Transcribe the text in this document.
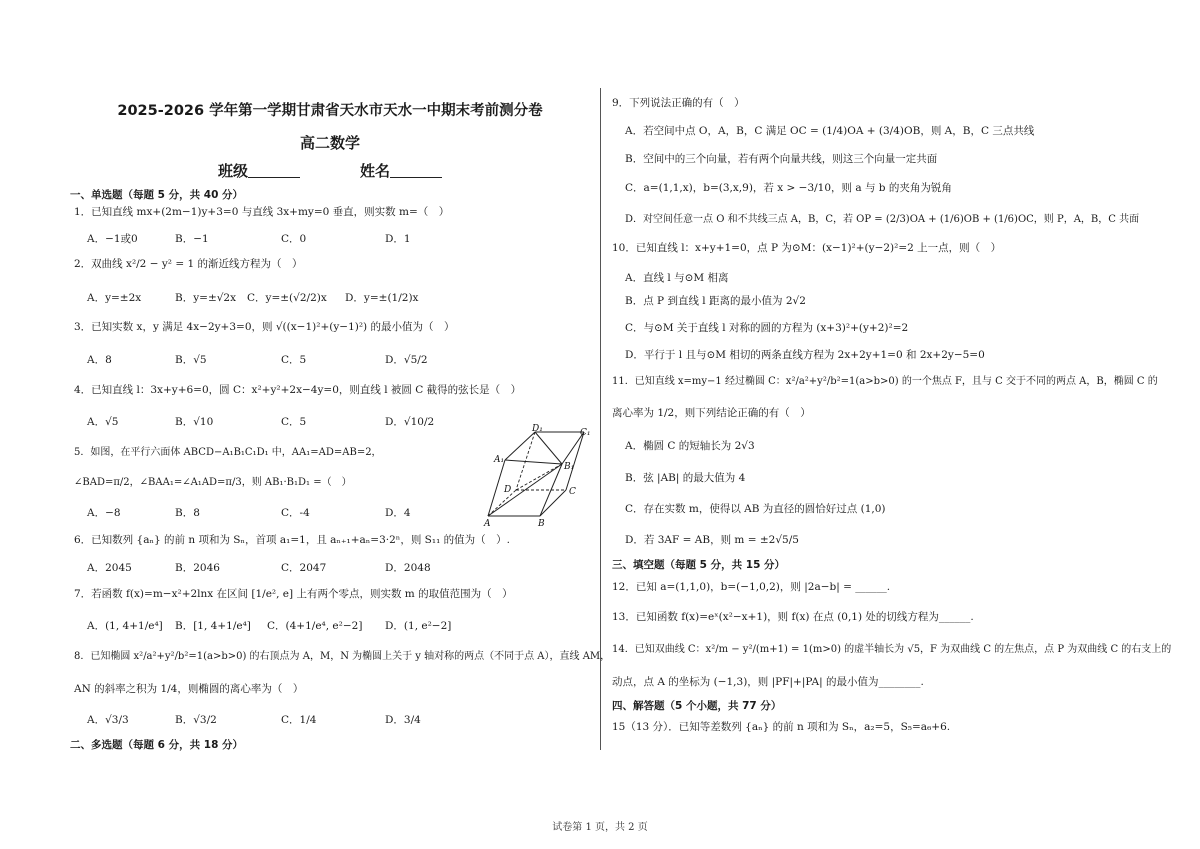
2025-2026 学年第一学期甘肃省天水市天水一中期末考前测分卷
高二数学
班级	姓名
一、单选题（每题 5 分，共 40 分）
1．已知直线 mx+(2m−1)y+3=0 与直线 3x+my=0 垂直，则实数 m=（　）
A．−1或0	B．−1	C．0	D．1
2．双曲线 x²/2 − y² = 1 的渐近线方程为（　）
A．y=±2x	B．y=±√2x C．y=±(√2/2)x D．y=±(1/2)x
3．已知实数 x，y 满足 4x−2y+3=0，则 √((x−1)²+(y−1)²) 的最小值为（　）
A．8	B．√5	C．5	D．√5/2
4．已知直线 l：3x+y+6=0，圆 C：x²+y²+2x−4y=0，则直线 l 被圆 C 截得的弦长是（　）
A．√5	B．√10	C．5	D．√10/2
5．如图，在平行六面体 ABCD−A₁B₁C₁D₁ 中，AA₁=AD=AB=2，
∠BAD=π/2，∠BAA₁=∠A₁AD=π/3，则 AB₁·B₁D₁ =（　）
A．−8	B．8	C．-4	D．4
D₁	C₁
A₁
B₁
D	C
A	B
6．已知数列 {aₙ} 的前 n 项和为 Sₙ，首项 a₁=1，且 aₙ₊₁+aₙ=3·2ⁿ，则 S₁₁ 的值为（　）.
A．2045	B．2046	C．2047	D．2048
7．若函数 f(x)=m−x²+2lnx 在区间 [1/e², e] 上有两个零点，则实数 m 的取值范围为（　）
A．(1, 4+1/e⁴] B．[1, 4+1/e⁴] C．(4+1/e⁴, e²−2] D．(1, e²−2]
8．已知椭圆 x²/a²+y²/b²=1(a>b>0) 的右顶点为 A，M，N 为椭圆上关于 y 轴对称的两点（不同于点 A），直线 AM，
AN 的斜率之积为 1/4，则椭圆的离心率为（　）
A．√3/3	B．√3/2	C．1/4	D．3/4
二、多选题（每题 6 分，共 18 分）
9．下列说法正确的有（　）
A．若空间中点 O，A，B，C 满足 OC = (1/4)OA + (3/4)OB，则 A，B，C 三点共线
B．空间中的三个向量，若有两个向量共线，则这三个向量一定共面
C．a=(1,1,x)，b=(3,x,9)，若 x > −3/10，则 a 与 b 的夹角为锐角
D．对空间任意一点 O 和不共线三点 A，B，C，若 OP = (2/3)OA + (1/6)OB + (1/6)OC，则 P，A，B，C 共面
10．已知直线 l：x+y+1=0，点 P 为⊙M：(x−1)²+(y−2)²=2 上一点，则（　）
A．直线 l 与⊙M 相离
B．点 P 到直线 l 距离的最小值为 2√2
C．与⊙M 关于直线 l 对称的圆的方程为 (x+3)²+(y+2)²=2
D．平行于 l 且与⊙M 相切的两条直线方程为 2x+2y+1=0 和 2x+2y−5=0
11．已知直线 x=my−1 经过椭圆 C：x²/a²+y²/b²=1(a>b>0) 的一个焦点 F，且与 C 交于不同的两点 A，B，椭圆 C 的
离心率为 1/2，则下列结论正确的有（　）
A．椭圆 C 的短轴长为 2√3
B．弦 |AB| 的最大值为 4
C．存在实数 m，使得以 AB 为直径的圆恰好过点 (1,0)
D．若 3AF = AB，则 m = ±2√5/5
三、填空题（每题 5 分，共 15 分）
12．已知 a=(1,1,0)，b=(−1,0,2)，则 |2a−b| = ______.
13．已知函数 f(x)=eˣ(x²−x+1)，则 f(x) 在点 (0,1) 处的切线方程为______.
14．已知双曲线 C：x²/m − y²/(m+1) = 1(m>0) 的虚半轴长为 √5，F 为双曲线 C 的左焦点，点 P 为双曲线 C 的右支上的
动点，点 A 的坐标为 (−1,3)，则 |PF|+|PA| 的最小值为________.
四、解答题（5 个小题，共 77 分）
15（13 分）．已知等差数列 {aₙ} 的前 n 项和为 Sₙ，a₂=5，S₅=a₆+6.
试卷第 1 页，共 2 页
